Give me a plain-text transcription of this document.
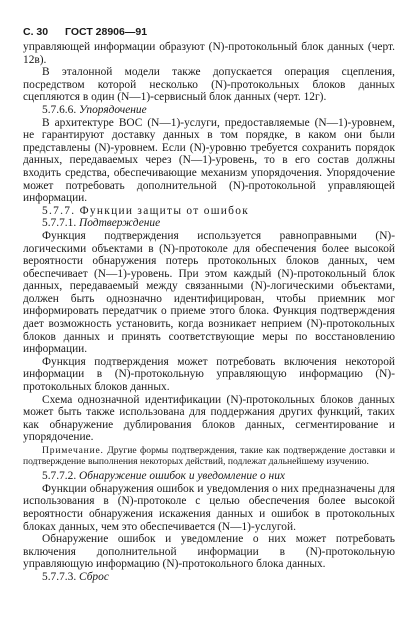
С. 30 ГОСТ 28906—91

управляющей информации образуют (N)-протокольный блок данных (черт. 12в).

В эталонной модели также допускается операция сцепления, посредством которой несколько (N)-протокольных блоков данных сцепляются в один (N—1)-сервисный блок данных (черт. 12г).

5.7.6.6. Упорядочение

В архитектуре ВОС (N—1)-услуги, предоставляемые (N—1)-уровнем, не гарантируют доставку данных в том порядке, в каком они были представлены (N)-уровнем. Если (N)-уровню требуется сохранить порядок данных, передаваемых через (N—1)-уровень, то в его состав должны входить средства, обеспечивающие механизм упорядочения. Упорядочение может потребовать дополнительной (N)-протокольной управляющей информации.

5.7.7. Функции защиты от ошибок

5.7.7.1. Подтверждение

Функция подтверждения используется равноправными (N)-логическими объектами в (N)-протоколе для обеспечения более высокой вероятности обнаружения потерь протокольных блоков данных, чем обеспечивает (N—1)-уровень. При этом каждый (N)-протокольный блок данных, передаваемый между связанными (N)-логическими объектами, должен быть однозначно идентифицирован, чтобы приемник мог информировать передатчик о приеме этого блока. Функция подтверждения дает возможность установить, когда возникает неприем (N)-протокольных блоков данных и принять соответствующие меры по восстановлению информации.

Функция подтверждения может потребовать включения некоторой информации в (N)-протокольную управляющую информацию (N)-протокольных блоков данных.

Схема однозначной идентификации (N)-протокольных блоков данных может быть также использована для поддержания других функций, таких как обнаружение дублирования блоков данных, сегментирование и упорядочение.

Примечание. Другие формы подтверждения, такие как подтверждение доставки и подтверждение выполнения некоторых действий, подлежат дальнейшему изучению.

5.7.7.2. Обнаружение ошибок и уведомление о них

Функции обнаружения ошибок и уведомления о них предназначены для использования в (N)-протоколе с целью обеспечения более высокой вероятности обнаружения искажения данных и ошибок в протокольных блоках данных, чем это обеспечивается (N—1)-услугой.

Обнаружение ошибок и уведомление о них может потребовать включения дополнительной информации в (N)-протокольную управляющую информацию (N)-протокольного блока данных.

5.7.7.3. Сброс
